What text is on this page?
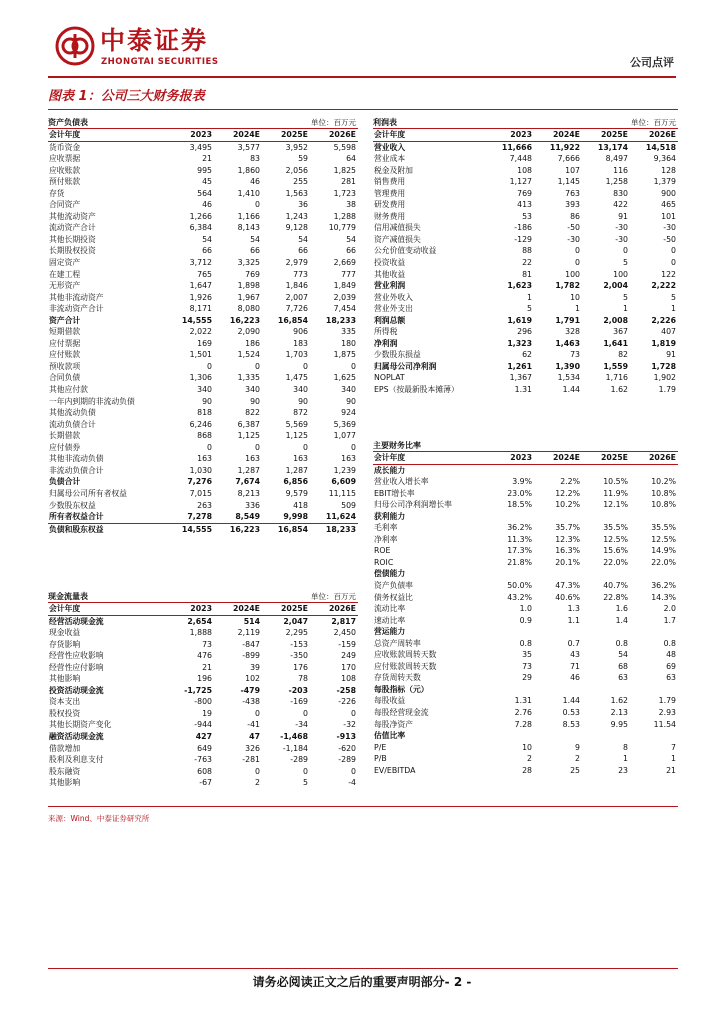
中泰证券
ZHONGTAI SECURITIES	公司点评
图表 1：公司三大财务报表
资产负债表	单位：百万元
会计年度	2023	2024E	2025E	2026E
货币资金	3,495	3,577	3,952	5,598
应收票据	21	83	59	64
应收账款	995	1,860	2,056	1,825
预付账款	45	46	255	281
存货	564	1,410	1,563	1,723
合同资产	46	0	36	38
其他流动资产	1,266	1,166	1,243	1,288
流动资产合计	6,384	8,143	9,128	10,779
其他长期投资	54	54	54	54
长期股权投资	66	66	66	66
固定资产	3,712	3,325	2,979	2,669
在建工程	765	769	773	777
无形资产	1,647	1,898	1,846	1,849
其他非流动资产	1,926	1,967	2,007	2,039
非流动资产合计	8,171	8,080	7,726	7,454
资产合计	14,555	16,223	16,854	18,233
短期借款	2,022	2,090	906	335
应付票据	169	186	183	180
应付账款	1,501	1,524	1,703	1,875
预收款项	0	0	0	0
合同负债	1,306	1,335	1,475	1,625
其他应付款	340	340	340	340
一年内到期的非流动负债	90	90	90	90
其他流动负债	818	822	872	924
流动负债合计	6,246	6,387	5,569	5,369
长期借款	868	1,125	1,125	1,077
应付债券	0	0	0	0
其他非流动负债	163	163	163	163
非流动负债合计	1,030	1,287	1,287	1,239
负债合计	7,276	7,674	6,856	6,609
归属母公司所有者权益	7,015	8,213	9,579	11,115
少数股东权益	263	336	418	509
所有者权益合计	7,278	8,549	9,998	11,624
负债和股东权益	14,555	16,223	16,854	18,233
利润表	单位：百万元
会计年度	2023	2024E	2025E	2026E
营业收入	11,666	11,922	13,174	14,518
营业成本	7,448	7,666	8,497	9,364
税金及附加	108	107	116	128
销售费用	1,127	1,145	1,258	1,379
管理费用	769	763	830	900
研发费用	413	393	422	465
财务费用	53	86	91	101
信用减值损失	-186	-50	-30	-30
资产减值损失	-129	-30	-30	-50
公允价值变动收益	88	0	0	0
投资收益	22	0	5	0
其他收益	81	100	100	122
营业利润	1,623	1,782	2,004	2,222
营业外收入	1	10	5	5
营业外支出	5	1	1	1
利润总额	1,619	1,791	2,008	2,226
所得税	296	328	367	407
净利润	1,323	1,463	1,641	1,819
少数股东损益	62	73	82	91
归属母公司净利润	1,261	1,390	1,559	1,728
NOPLAT	1,367	1,534	1,716	1,902
EPS（按最新股本摊薄）	1.31	1.44	1.62	1.79
主要财务比率
会计年度	2023	2024E	2025E	2026E
成长能力				
营业收入增长率	3.9%	2.2%	10.5%	10.2%
EBIT增长率	23.0%	12.2%	11.9%	10.8%
归母公司净利润增长率	18.5%	10.2%	12.1%	10.8%
获利能力				
毛利率	36.2%	35.7%	35.5%	35.5%
净利率	11.3%	12.3%	12.5%	12.5%
ROE	17.3%	16.3%	15.6%	14.9%
ROIC	21.8%	20.1%	22.0%	22.0%
偿债能力				
资产负债率	50.0%	47.3%	40.7%	36.2%
债务权益比	43.2%	40.6%	22.8%	14.3%
流动比率	1.0	1.3	1.6	2.0
速动比率	0.9	1.1	1.4	1.7
营运能力				
总资产周转率	0.8	0.7	0.8	0.8
应收账款周转天数	35	43	54	48
应付账款周转天数	73	71	68	69
存货周转天数	29	46	63	63
每股指标（元）				
每股收益	1.31	1.44	1.62	1.79
每股经营现金流	2.76	0.53	2.13	2.93
每股净资产	7.28	8.53	9.95	11.54
估值比率				
P/E	10	9	8	7
P/B	2	2	1	1
EV/EBITDA	28	25	23	21
现金流量表	单位：百万元
会计年度	2023	2024E	2025E	2026E
经营活动现金流	2,654	514	2,047	2,817
现金收益	1,888	2,119	2,295	2,450
存货影响	73	-847	-153	-159
经营性应收影响	476	-899	-350	249
经营性应付影响	21	39	176	170
其他影响	196	102	78	108
投资活动现金流	-1,725	-479	-203	-258
资本支出	-800	-438	-169	-226
股权投资	19	0	0	0
其他长期资产变化	-944	-41	-34	-32
融资活动现金流	427	47	-1,468	-913
借款增加	649	326	-1,184	-620
股利及利息支付	-763	-281	-289	-289
股东融资	608	0	0	0
其他影响	-67	2	5	-4
来源：Wind、中泰证券研究所
请务必阅读正文之后的重要声明部分- 2 -
